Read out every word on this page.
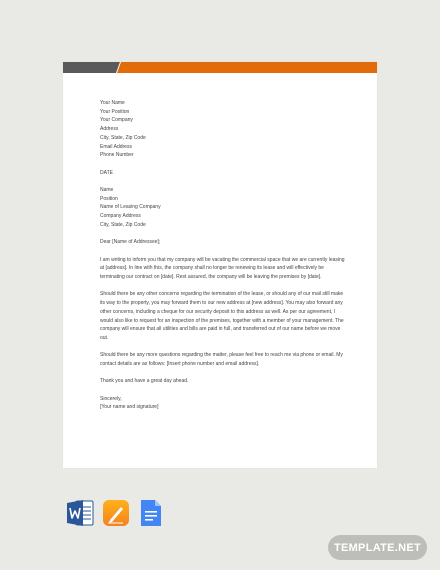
Your Name
Your Position
Your Company
Address
City, State, Zip Code
Email Address
Phone Number
DATE
Name
Position
Name of Leasing Company
Company Address
City, State, Zip Code
Dear [Name of Addressee];
I am writing to inform you that my company will be vacating the commercial space that we are currently leasing at [address]. In line with this, the company shall no longer be renewing its lease and will effectively be terminating our contract on [date]. Rest assured, the company will be leaving the premises by [date].
Should there be any other concerns regarding the termination of the lease, or should any of our mail still make its way to the property, you may forward them to our new address at [new address]. You may also forward any other concerns, including a cheque for our security deposit to this address as well. As per our agreement, I would also like to request for an inspection of the premises, together with a member of your management. The company will ensure that all utilities and bills are paid in full, and transferred out of our name before we move out.
Should there be any more questions regarding the matter, please feel free to reach me via phone or email. My contact details are as follows: [Insert phone number and email address].
Thank you and have a great day ahead.
Sincerely,
[Your name and signature]
TEMPLATE.NET
